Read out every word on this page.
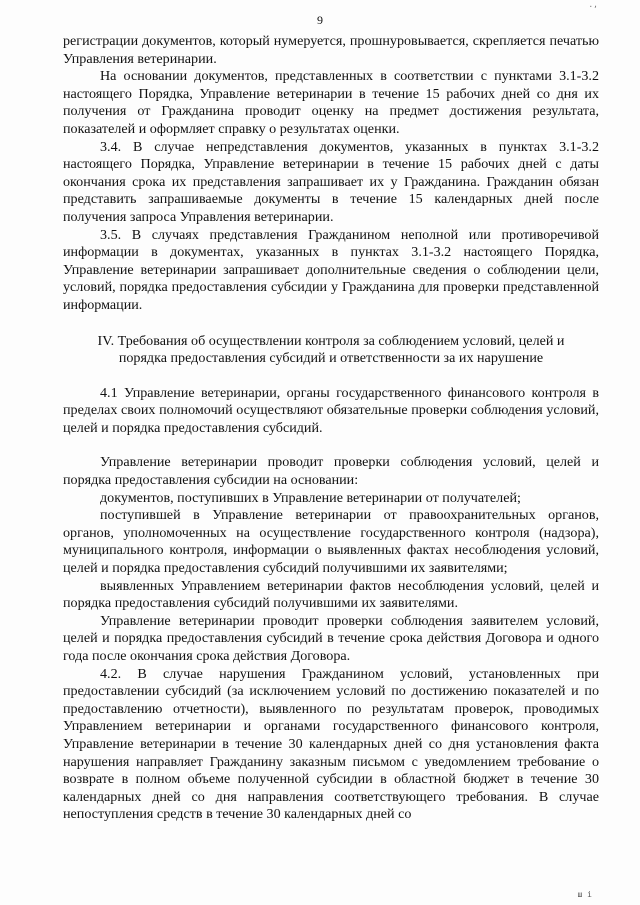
.,
9

регистрации документов, который нумеруется, прошнуровывается, скрепляется печатью Управления ветеринарии.

На основании документов, представленных в соответствии с пунктами 3.1-3.2 настоящего Порядка, Управление ветеринарии в течение 15 рабочих дней со дня их получения от Гражданина проводит оценку на предмет достижения результата, показателей и оформляет справку о результатах оценки.

3.4. В случае непредставления документов, указанных в пунктах 3.1-3.2 настоящего Порядка, Управление ветеринарии в течение 15 рабочих дней с даты окончания срока их представления запрашивает их у Гражданина. Гражданин обязан представить запрашиваемые документы в течение 15 календарных дней после получения запроса Управления ветеринарии.

3.5. В случаях представления Гражданином неполной или противоречивой информации в документах, указанных в пунктах 3.1-3.2 настоящего Порядка, Управление ветеринарии запрашивает дополнительные сведения о соблюдении цели, условий, порядка предоставления субсидии у Гражданина для проверки представленной информации.

IV. Требования об осуществлении контроля за соблюдением условий, целей и порядка предоставления субсидий и ответственности за их нарушение

4.1 Управление ветеринарии, органы государственного финансового контроля в пределах своих полномочий осуществляют обязательные проверки соблюдения условий, целей и порядка предоставления субсидий.

Управление ветеринарии проводит проверки соблюдения условий, целей и порядка предоставления субсидии на основании:

документов, поступивших в Управление ветеринарии от получателей;

поступившей в Управление ветеринарии от правоохранительных органов, органов, уполномоченных на осуществление государственного контроля (надзора), муниципального контроля, информации о выявленных фактах несоблюдения условий, целей и порядка предоставления субсидий получившими их заявителями;

выявленных Управлением ветеринарии фактов несоблюдения условий, целей и порядка предоставления субсидий получившими их заявителями.

Управление ветеринарии проводит проверки соблюдения заявителем условий, целей и порядка предоставления субсидий в течение срока действия Договора и одного года после окончания срока действия Договора.

4.2. В случае нарушения Гражданином условий, установленных при предоставлении субсидий (за исключением условий по достижению показателей и по предоставлению отчетности), выявленного по результатам проверок, проводимых Управлением ветеринарии и органами государственного финансового контроля, Управление ветеринарии в течение 30 календарных дней со дня установления факта нарушения направляет Гражданину заказным письмом с уведомлением требование о возврате в полном объеме полученной субсидии в областной бюджет в течение 30 календарных дней со дня направления соответствующего требования. В случае непоступления средств в течение 30 календарных дней со

ш і
